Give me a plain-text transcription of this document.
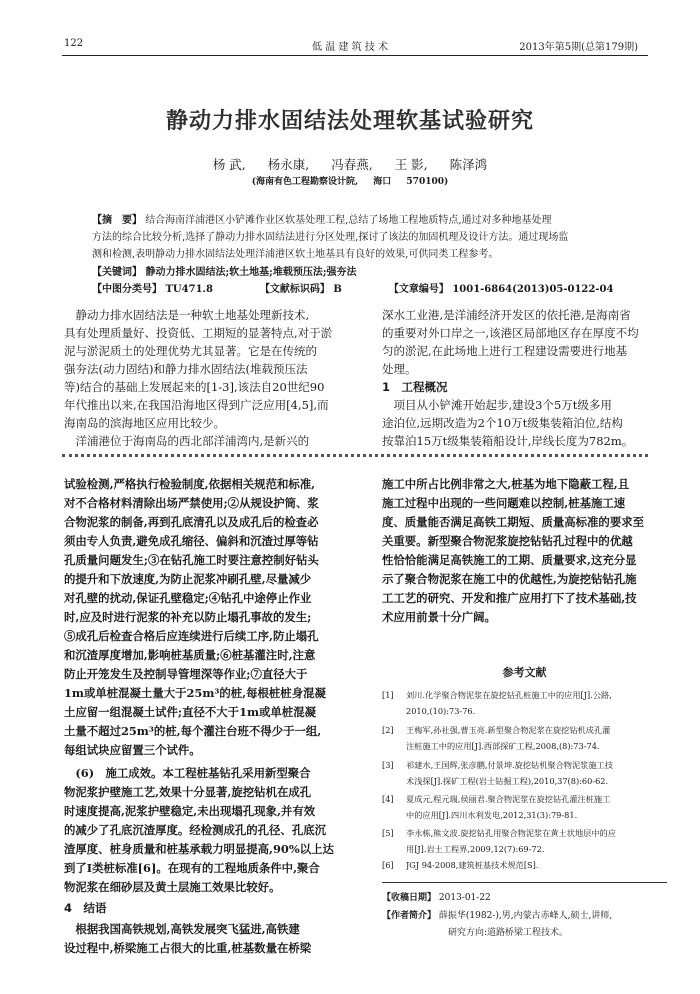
122	低 温 建 筑 技 术	2013年第5期(总第179期)
静动力排水固结法处理软基试验研究
杨 武, 杨永康, 冯春燕, 王 影, 陈泽鸿
(海南有色工程勘察设计院, 海口 570100)
【摘　要】 结合海南洋浦港区小铲滩作业区软基处理工程,总结了场地工程地质特点,通过对多种地基处理
方法的综合比较分析,选择了静动力排水固结法进行分区处理,探讨了该法的加固机理及设计方法。通过现场监
测和检测,表明静动力排水固结法处理洋浦港区软土地基具有良好的效果,可供同类工程参考。
【关键词】 静动力排水固结法;软土地基;堆载预压法;强夯法
【中图分类号】 TU471.8	【文献标识码】 B	【文章编号】 1001-6864(2013)05-0122-04
　静动力排水固结法是一种软土地基处理新技术,
具有处理质量好、投资低、工期短的显著特点,对于淤
泥与淤泥质土的处理优势尤其显著。它是在传统的
强夯法(动力固结)和静力排水固结法(堆载预压法
等)结合的基础上发展起来的[1-3],该法自20世纪90
年代推出以来,在我国沿海地区得到广泛应用[4,5],而
海南岛的滨海地区应用比较少。
　洋浦港位于海南岛的西北部洋浦湾内,是新兴的
深水工业港,是洋浦经济开发区的依托港,是海南省
的重要对外口岸之一,该港区局部地区存在厚度不均
匀的淤泥,在此场地上进行工程建设需要进行地基
处理。
1　工程概况
　项目从小铲滩开始起步,建设3个5万t级多用
途泊位,远期改造为2个10万t级集装箱泊位,结构
按靠泊15万t级集装箱船设计,岸线长度为782m。
试验检测,严格执行检验制度,依据相关规范和标准,
对不合格材料清除出场严禁使用;②从规设护筒、浆
合物泥浆的制备,再到孔底清孔以及成孔后的检查必
须由专人负责,避免成孔缩径、偏斜和沉渣过厚等钻
孔质量问题发生;③在钻孔施工时要注意控制好钻头
的提升和下放速度,为防止泥浆冲刷孔壁,尽量减少
对孔壁的扰动,保证孔壁稳定;④钻孔中途停止作业
时,应及时进行泥浆的补充以防止塌孔事故的发生;
⑤成孔后检查合格后应连续进行后续工序,防止塌孔
和沉渣厚度增加,影响桩基质量;⑥桩基灌注时,注意
防止开笼发生及控制导管埋深等作业;⑦直径大于
1m或单桩混凝土量大于25m³的桩,每根桩桩身混凝
土应留一组混凝土试件;直径不大于1m或单桩混凝
土量不超过25m³的桩,每个灌注台班不得少于一组,
每组试块应留置三个试件。
　(6)　施工成效。本工程桩基钻孔采用新型聚合
物泥浆护壁施工艺,效果十分显著,旋挖钻机在成孔
时速度提高,泥浆护壁稳定,未出现塌孔现象,并有效
的减少了孔底沉渣厚度。经检测成孔的孔径、孔底沉
渣厚度、桩身质量和桩基承载力明显提高,90%以上达
到了Ⅰ类桩标准[6]。在现有的工程地质条件中,聚合
物泥浆在细砂层及黄土层施工效果比较好。
4　结语
　根据我国高铁规划,高铁发展突飞猛进,高铁建
设过程中,桥梁施工占很大的比重,桩基数量在桥梁
施工中所占比例非常之大,桩基为地下隐蔽工程,且
施工过程中出现的一些问题难以控制,桩基施工速
度、质量能否满足高铁工期短、质量高标准的要求至
关重要。新型聚合物泥浆旋挖钻钻孔过程中的优越
性恰恰能满足高铁施工的工期、质量要求,这充分显
示了聚合物泥浆在施工中的优越性,为旋挖钻钻孔施
工工艺的研究、开发和推广应用打下了技术基础,技
术应用前景十分广阔。
参考文献
[1] 刘川.化学聚合物泥浆在旋挖钻孔桩施工中的应用[J].公路,
2010,(10):73-76.
[2] 王梅军,孙社强,曹玉亮.新型聚合物泥浆在旋挖钻机成孔灌
注桩施工中的应用[J].西部探矿工程,2008,(8):73-74.
[3] 祁建水,王国辉,张彦鹏,付景坤.旋挖钻机聚合物泥浆施工技
术浅探[J].探矿工程(岩土钻掘工程),2010,37(8):60-62.
[4] 夏成元,程元瑞,侯丽君.聚合物泥浆在旋挖钻孔灌注桩施工
中的应用[J].四川水利发电,2012,31(3):79-81.
[5] 李永栋,熊文波.旋挖钻孔用聚合物泥浆在黄土状地层中的应
用[J].岩土工程界,2009,12(7):69-72.
[6] JGJ 94-2008,建筑桩基技术规范[S].
【收稿日期】 2013-01-22
【作者简介】 薛振华(1982-),男,内蒙古赤峰人,硕士,讲师,
研究方向:道路桥梁工程技术。
